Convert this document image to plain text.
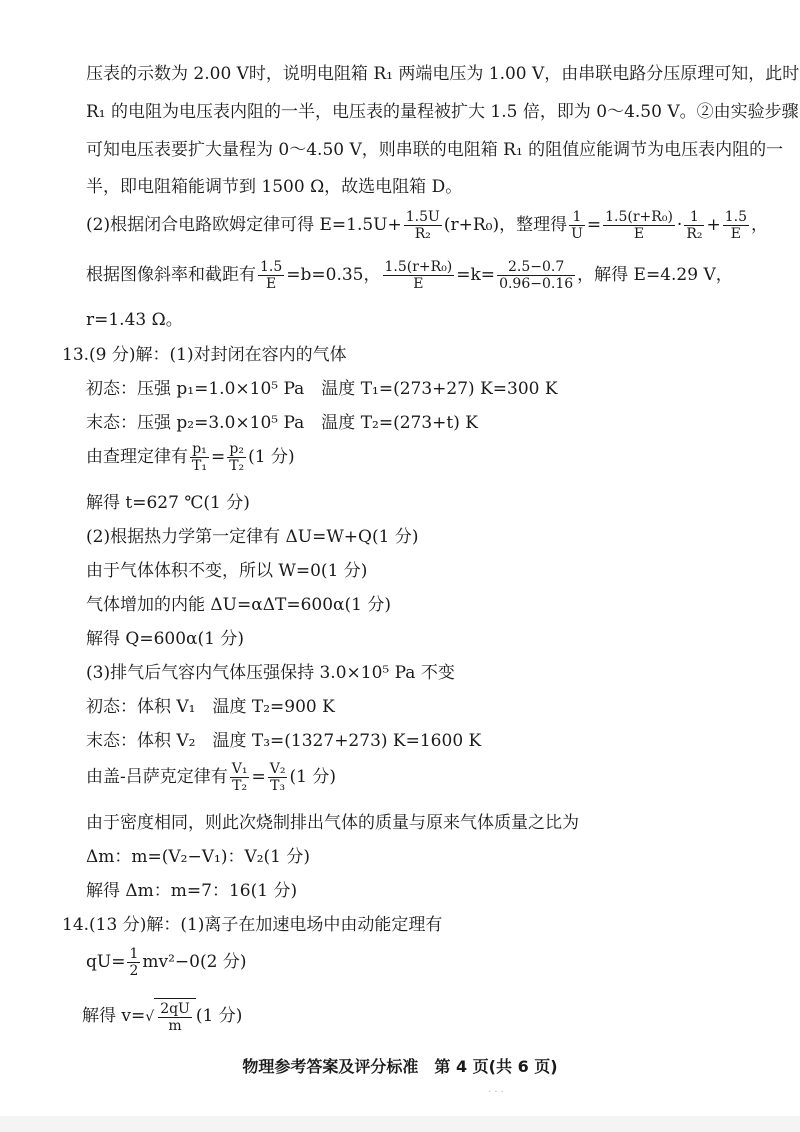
压表的示数为 2.00 V时，说明电阻箱 R₁ 两端电压为 1.00 V，由串联电路分压原理可知，此时
R₁ 的电阻为电压表内阻的一半，电压表的量程被扩大 1.5 倍，即为 0～4.50 V。②由实验步骤
可知电压表要扩大量程为 0～4.50 V，则串联的电阻箱 R₁ 的阻值应能调节为电压表内阻的一
半，即电阻箱能调节到 1500 Ω，故选电阻箱 D。
(2)根据闭合电路欧姆定律可得 $E=1.5U+ \frac{1.5U}{\text{R₂}} (r+R_0)$，整理得 $\frac{1}{U} = \frac{\text{1.5(r+R₀)}}{E} \cdot \frac{1}{\text{R₂}} + \frac{1.5}{E}$ ，
根据图像斜率和截距有 $\frac{1.5}{E} =b=0.35$， $\frac{\text{1.5(r+R₀)}}{E} =k= \frac{2.5-0.7}{0.96-0.16}$ ，解得 E=4.29 V，
r=1.43 Ω。
13.(9 分)解：(1)对封闭在容内的气体
初态：压强 p₁=1.0×10⁵ Pa　温度 T₁=(273+27) K=300 K
末态：压强 p₂=3.0×10⁵ Pa　温度 T₂=(273+t) K
由查理定律有 $\frac{\text{p₁}}{\text{T₁}} = \frac{\text{p₂}}{\text{T₂}} (1$ 分)
解得 t=627 ℃(1 分)
(2)根据热力学第一定律有 ΔU=W+Q(1 分)
由于气体体积不变，所以 W=0(1 分)
气体增加的内能 ΔU=αΔT=600α(1 分)
解得 Q=600α(1 分)
(3)排气后气容内气体压强保持 3.0×10⁵ Pa 不变
初态：体积 V₁　温度 T₂=900 K
末态：体积 V₂　温度 T₃=(1327+273) K=1600 K
由盖-吕萨克定律有 $\frac{\text{V₁}}{\text{T₂}} = \frac{\text{V₂}}{\text{T₃}} (1$ 分)
由于密度相同，则此次烧制排出气体的质量与原来气体质量之比为
Δm：m=(V₂−V₁)：V₂(1 分)
解得 Δm：m=7：16(1 分)
14.(13 分)解：(1)离子在加速电场中由动能定理有
$qU= \frac{1}{2} mv^2-0(2$ 分)
解得 $v=√ \frac{2qU}{m} (1$ 分)
物理参考答案及评分标准　第 4 页(共 6 页)
· · ·
